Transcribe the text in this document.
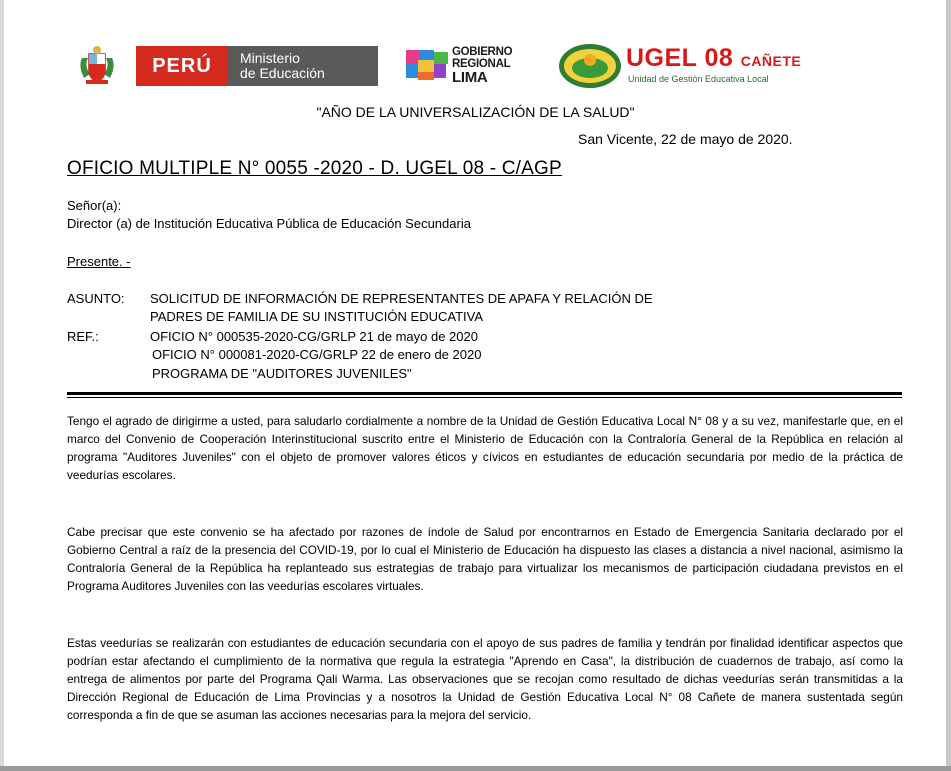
PERÚ Ministerio
de Educación
GOBIERNO
REGIONAL
LIMA
UGEL 08 CAÑETE
Unidad de Gestión Educativa Local
"AÑO DE LA UNIVERSALIZACIÓN DE LA SALUD"
San Vicente, 22 de mayo de 2020.
OFICIO MULTIPLE N° 0055 -2020 - D. UGEL 08 - C/AGP
Señor(a):
Director (a) de Institución Educativa Pública de Educación Secundaria
Presente. -
ASUNTO: SOLICITUD DE INFORMACIÓN DE REPRESENTANTES DE APAFA Y RELACIÓN DE
PADRES DE FAMILIA DE SU INSTITUCIÓN EDUCATIVA
REF.:	OFICIO N° 000535-2020-CG/GRLP 21 de mayo de 2020
OFICIO N° 000081-2020-CG/GRLP 22 de enero de 2020
PROGRAMA DE "AUDITORES JUVENILES"
Tengo el agrado de dirigirme a usted, para saludarlo cordialmente a nombre de la Unidad de Gestión Educativa Local N° 08 y a su vez, manifestarle que, en el marco del Convenio de Cooperación Interinstitucional suscrito entre el Ministerio de Educación con la Contraloría General de la República en relación al programa "Auditores Juveniles" con el objeto de promover valores éticos y cívicos en estudiantes de educación secundaria por medio de la práctica de veedurías escolares.
Cabe precisar que este convenio se ha afectado por razones de índole de Salud por encontrarnos en Estado de Emergencia Sanitaria declarado por el Gobierno Central a raíz de la presencia del COVID-19, por lo cual el Ministerio de Educación ha dispuesto las clases a distancia a nivel nacional, asimismo la Contraloría General de la República ha replanteado sus estrategias de trabajo para virtualizar los mecanismos de participación ciudadana previstos en el Programa Auditores Juveniles con las veedurías escolares virtuales.
Estas veedurías se realizarán con estudiantes de educación secundaria con el apoyo de sus padres de familia y tendrán por finalidad identificar aspectos que podrían estar afectando el cumplimiento de la normativa que regula la estrategia "Aprendo en Casa", la distribución de cuadernos de trabajo, así como la entrega de alimentos por parte del Programa Qali Warma. Las observaciones que se recojan como resultado de dichas veedurías serán transmitidas a la Dirección Regional de Educación de Lima Provincias y a nosotros la Unidad de Gestión Educativa Local N° 08 Cañete de manera sustentada según corresponda a fin de que se asuman las acciones necesarias para la mejora del servicio.
